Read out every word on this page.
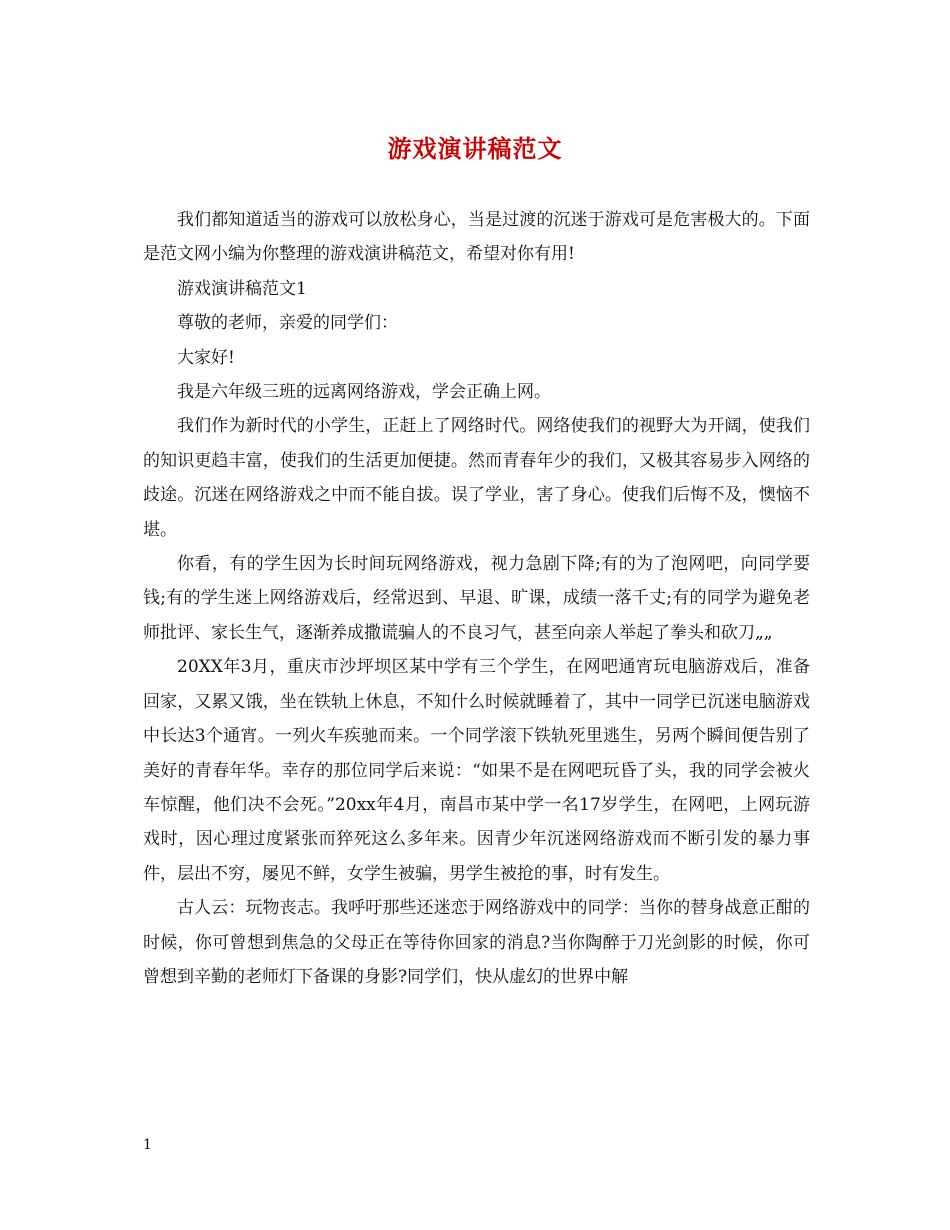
游戏演讲稿范文

我们都知道适当的游戏可以放松身心，当是过渡的沉迷于游戏可是危害极大的。下面是范文网小编为你整理的游戏演讲稿范文，希望对你有用!

游戏演讲稿范文1

尊敬的老师，亲爱的同学们：

大家好!

我是六年级三班的远离网络游戏，学会正确上网。

我们作为新时代的小学生，正赶上了网络时代。网络使我们的视野大为开阔，使我们的知识更趋丰富，使我们的生活更加便捷。然而青春年少的我们，又极其容易步入网络的歧途。沉迷在网络游戏之中而不能自拔。误了学业，害了身心。使我们后悔不及，懊恼不堪。

你看，有的学生因为长时间玩网络游戏，视力急剧下降;有的为了泡网吧，向同学要钱;有的学生迷上网络游戏后，经常迟到、早退、旷课，成绩一落千丈;有的同学为避免老师批评、家长生气，逐渐养成撒谎骗人的不良习气，甚至向亲人举起了拳头和砍刀„„

20XX年3月，重庆市沙坪坝区某中学有三个学生，在网吧通宵玩电脑游戏后，准备回家，又累又饿，坐在铁轨上休息，不知什么时候就睡着了，其中一同学已沉迷电脑游戏中长达3个通宵。一列火车疾驰而来。一个同学滚下铁轨死里逃生，另两个瞬间便告别了美好的青春年华。幸存的那位同学后来说：“如果不是在网吧玩昏了头，我的同学会被火车惊醒，他们决不会死。”20xx年4月，南昌市某中学一名17岁学生，在网吧，上网玩游戏时，因心理过度紧张而猝死这么多年来。因青少年沉迷网络游戏而不断引发的暴力事件，层出不穷，屡见不鲜，女学生被骗，男学生被抢的事，时有发生。

古人云：玩物丧志。我呼吁那些还迷恋于网络游戏中的同学：当你的替身战意正酣的时候，你可曾想到焦急的父母正在等待你回家的消息?当你陶醉于刀光剑影的时候，你可曾想到辛勤的老师灯下备课的身影?同学们，快从虚幻的世界中解

1
